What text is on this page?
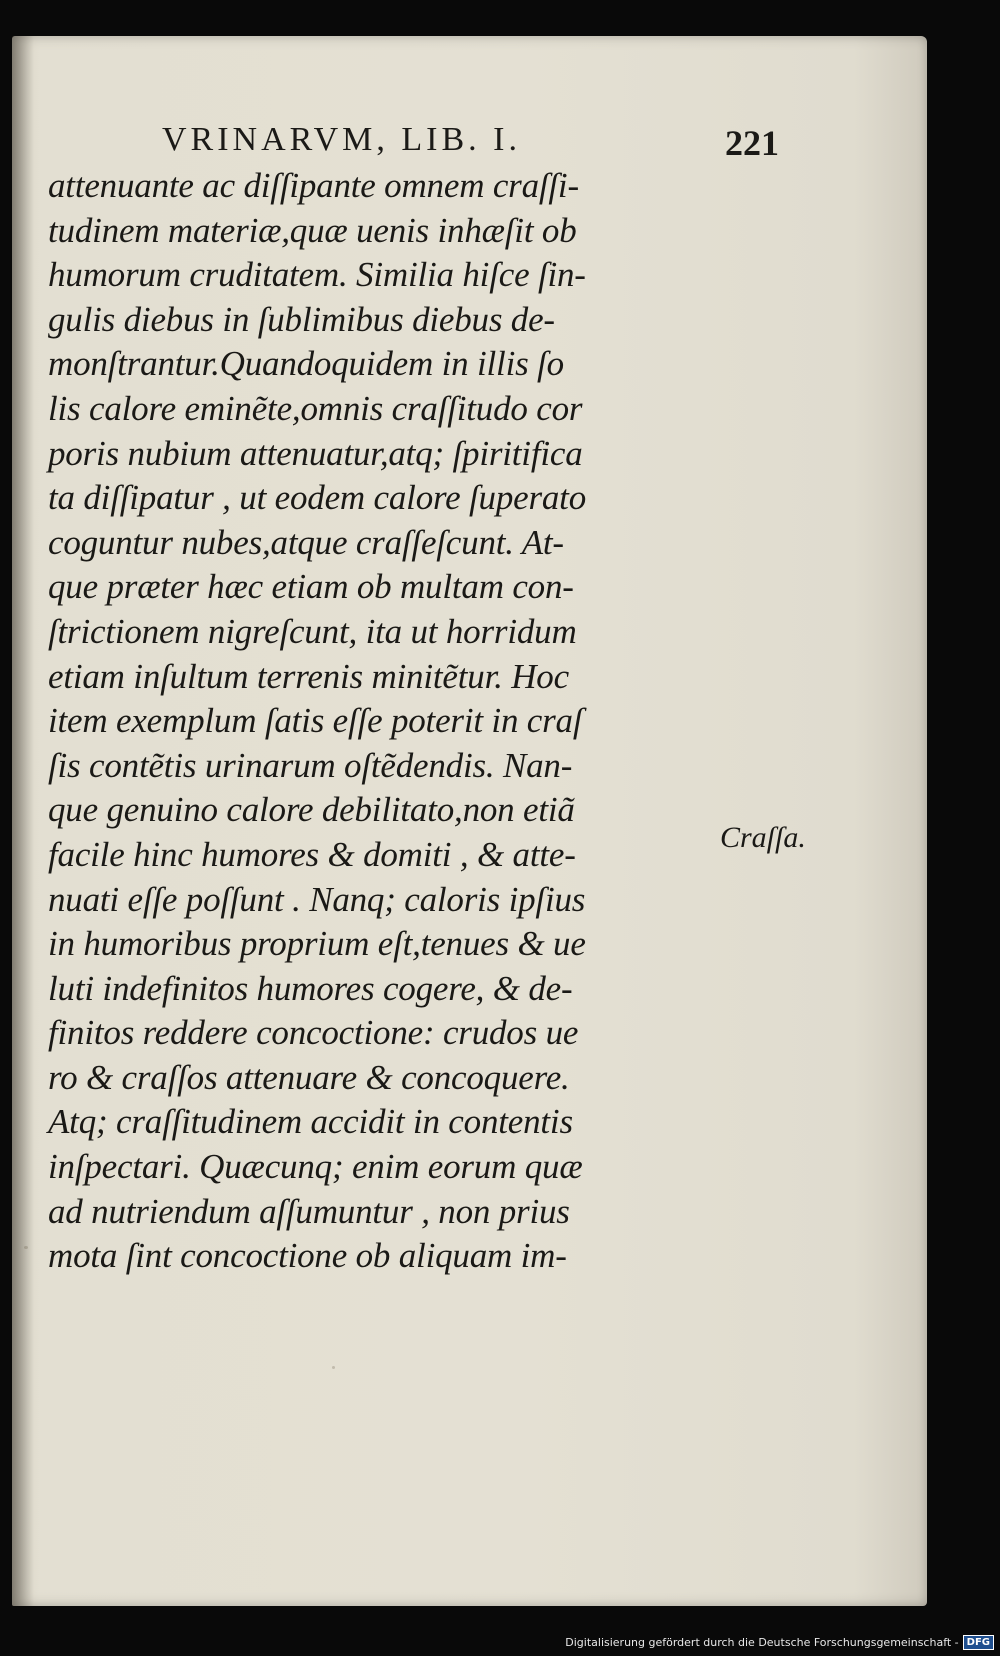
VRINARVM, LIB. I.	221
attenuante ac diſſipante omnem craſſi-
tudinem materiæ,quæ uenis inhæſit ob
humorum cruditatem. Similia hiſce ſin-
gulis diebus in ſublimibus diebus de-
monſtrantur.Quandoquidem in illis ſo
lis calore eminẽte,omnis craſſitudo cor
poris nubium attenuatur,atq; ſpiritifica
ta diſſipatur , ut eodem calore ſuperato
coguntur nubes,atque craſſeſcunt. At-
que præter hæc etiam ob multam con-
ſtrictionem nigreſcunt, ita ut horridum
etiam inſultum terrenis minitẽtur. Hoc
item exemplum ſatis eſſe poterit in craſ
ſis contẽtis urinarum oſtẽdendis. Nan-
que genuino calore debilitato,non etiã
facile hinc humores & domiti , & atte-
nuati eſſe poſſunt . Nanq; caloris ipſius
in humoribus proprium eſt,tenues & ue
luti indefinitos humores cogere, & de-
finitos reddere concoctione: crudos ue
ro & craſſos attenuare & concoquere.
Atq; craſſitudinem accidit in contentis
inſpectari. Quæcunq; enim eorum quæ
ad nutriendum aſſumuntur , non prius
mota ſint concoctione ob aliquam im-
Craſſa.
Digitalisierung gefördert durch die Deutsche Forschungsgemeinschaft - DFG
